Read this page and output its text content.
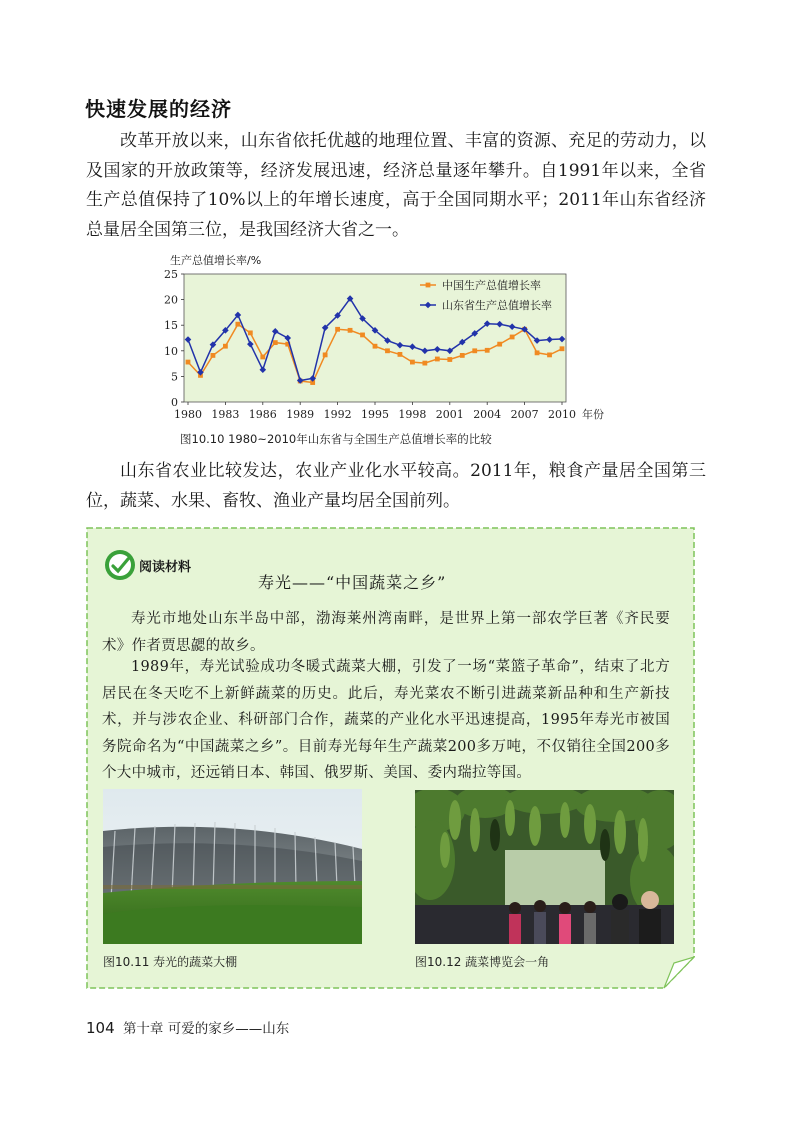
快速发展的经济

改革开放以来，山东省依托优越的地理位置、丰富的资源、充足的劳动力，以及国家的开放政策等，经济发展迅速，经济总量逐年攀升。自1991年以来，全省生产总值保持了10%以上的年增长速度，高于全国同期水平；2011年山东省经济总量居全国第三位，是我国经济大省之一。

生产总值增长率/%
0
5
10
15
20
25
1980 1983 1986 1989 1992 1995 1998 2001 2004 2007 2010 年份
中国生产总值增长率
山东省生产总值增长率
图10.10 1980~2010年山东省与全国生产总值增长率的比较

山东省农业比较发达，农业产业化水平较高。2011年，粮食产量居全国第三位，蔬菜、水果、畜牧、渔业产量均居全国前列。

阅读材料
寿光——“中国蔬菜之乡”

寿光市地处山东半岛中部，渤海莱州湾南畔，是世界上第一部农学巨著《齐民要术》作者贾思勰的故乡。

1989年，寿光试验成功冬暖式蔬菜大棚，引发了一场“菜篮子革命”，结束了北方居民在冬天吃不上新鲜蔬菜的历史。此后，寿光菜农不断引进蔬菜新品种和生产新技术，并与涉农企业、科研部门合作，蔬菜的产业化水平迅速提高，1995年寿光市被国务院命名为“中国蔬菜之乡”。目前寿光每年生产蔬菜200多万吨，不仅销往全国200多个大中城市，还远销日本、韩国、俄罗斯、美国、委内瑞拉等国。

图10.11 寿光的蔬菜大棚	图10.12 蔬菜博览会一角
104 第十章 可爱的家乡——山东
